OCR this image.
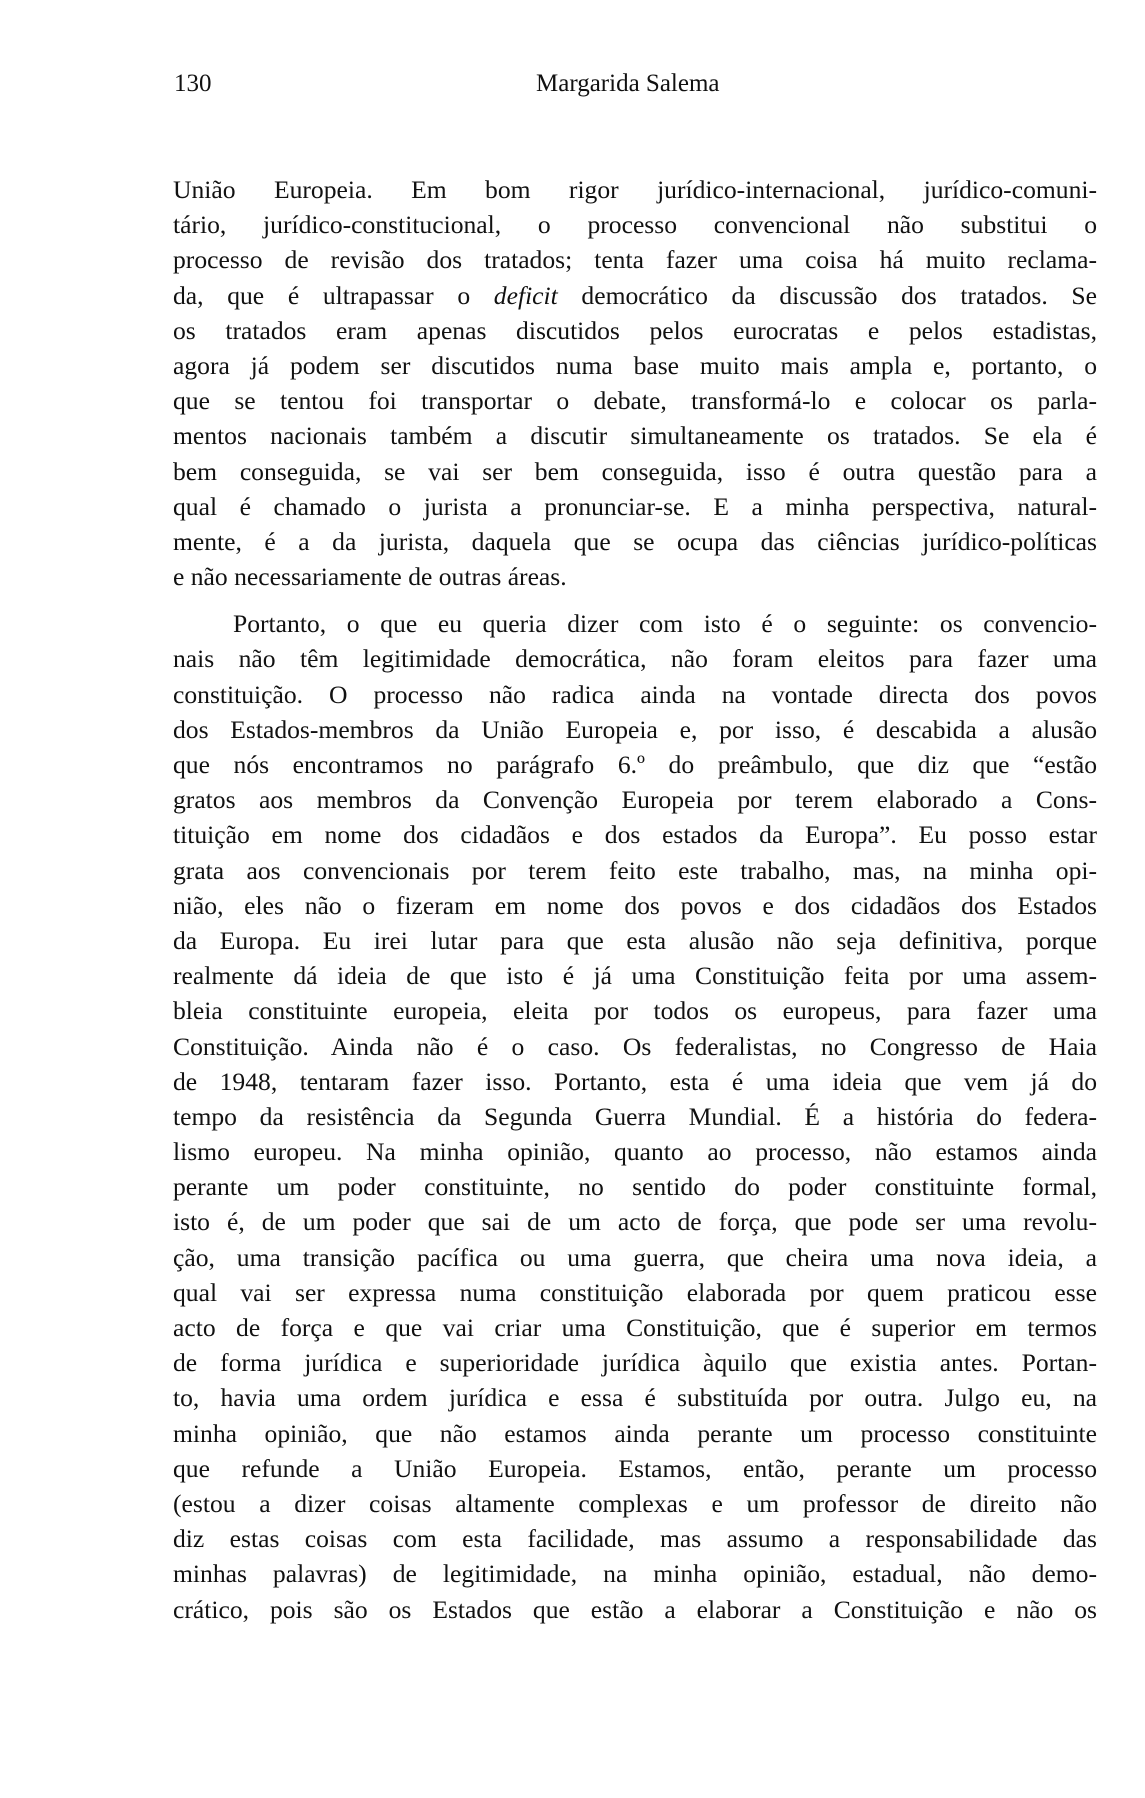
130	Margarida Salema
União Europeia. Em bom rigor jurídico-internacional, jurídico-comuni-
tário, jurídico-constitucional, o processo convencional não substitui o
processo de revisão dos tratados; tenta fazer uma coisa há muito reclama-
da, que é ultrapassar o deficit democrático da discussão dos tratados. Se
os tratados eram apenas discutidos pelos eurocratas e pelos estadistas,
agora já podem ser discutidos numa base muito mais ampla e, portanto, o
que se tentou foi transportar o debate, transformá-lo e colocar os parla-
mentos nacionais também a discutir simultaneamente os tratados. Se ela é
bem conseguida, se vai ser bem conseguida, isso é outra questão para a
qual é chamado o jurista a pronunciar-se. E a minha perspectiva, natural-
mente, é a da jurista, daquela que se ocupa das ciências jurídico-políticas
e não necessariamente de outras áreas.
Portanto, o que eu queria dizer com isto é o seguinte: os convencio-
nais não têm legitimidade democrática, não foram eleitos para fazer uma
constituição. O processo não radica ainda na vontade directa dos povos
dos Estados-membros da União Europeia e, por isso, é descabida a alusão
que nós encontramos no parágrafo 6.º do preâmbulo, que diz que “estão
gratos aos membros da Convenção Europeia por terem elaborado a Cons-
tituição em nome dos cidadãos e dos estados da Europa”. Eu posso estar
grata aos convencionais por terem feito este trabalho, mas, na minha opi-
nião, eles não o fizeram em nome dos povos e dos cidadãos dos Estados
da Europa. Eu irei lutar para que esta alusão não seja definitiva, porque
realmente dá ideia de que isto é já uma Constituição feita por uma assem-
bleia constituinte europeia, eleita por todos os europeus, para fazer uma
Constituição. Ainda não é o caso. Os federalistas, no Congresso de Haia
de 1948, tentaram fazer isso. Portanto, esta é uma ideia que vem já do
tempo da resistência da Segunda Guerra Mundial. É a história do federa-
lismo europeu. Na minha opinião, quanto ao processo, não estamos ainda
perante um poder constituinte, no sentido do poder constituinte formal,
isto é, de um poder que sai de um acto de força, que pode ser uma revolu-
ção, uma transição pacífica ou uma guerra, que cheira uma nova ideia, a
qual vai ser expressa numa constituição elaborada por quem praticou esse
acto de força e que vai criar uma Constituição, que é superior em termos
de forma jurídica e superioridade jurídica àquilo que existia antes. Portan-
to, havia uma ordem jurídica e essa é substituída por outra. Julgo eu, na
minha opinião, que não estamos ainda perante um processo constituinte
que refunde a União Europeia. Estamos, então, perante um processo
(estou a dizer coisas altamente complexas e um professor de direito não
diz estas coisas com esta facilidade, mas assumo a responsabilidade das
minhas palavras) de legitimidade, na minha opinião, estadual, não demo-
crático, pois são os Estados que estão a elaborar a Constituição e não os
